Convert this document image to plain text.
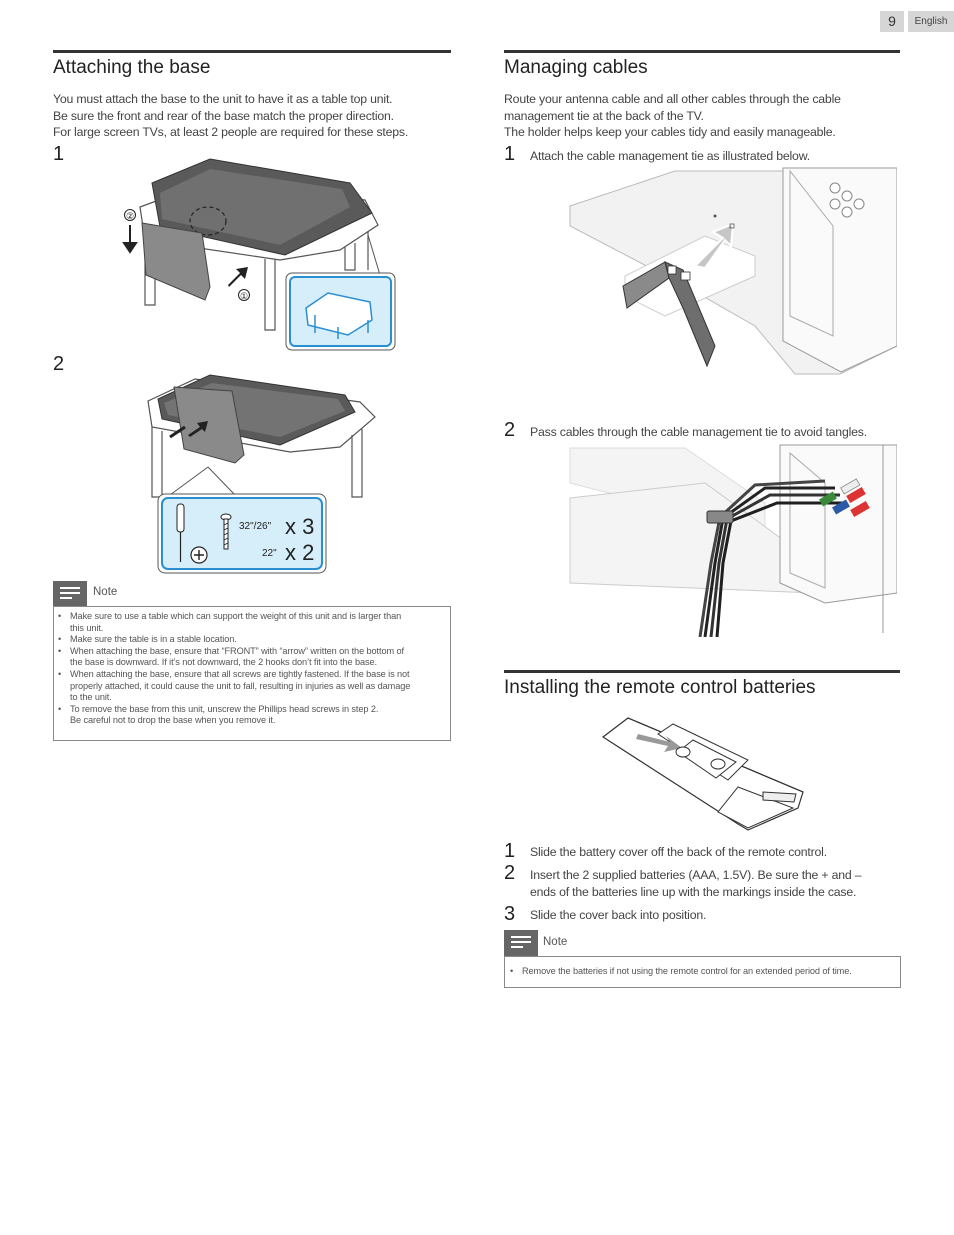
9	English
Attaching the base
You must attach the base to the unit to have it as a table top unit.
Be sure the front and rear of the base match the proper direction.
For large screen TVs, at least 2 people are required for these steps.
1
②
①
2
32"/26"
22"
x 3
x 2
Note
• Make sure to use a table which can support the weight of this unit and is larger than
this unit.
• Make sure the table is in a stable location.
• When attaching the base, ensure that “FRONT” with “arrow” written on the bottom of
the base is downward. If it’s not downward, the 2 hooks don’t fit into the base.
• When attaching the base, ensure that all screws are tightly fastened. If the base is not
properly attached, it could cause the unit to fall, resulting in injuries as well as damage
to the unit.
• To remove the base from this unit, unscrew the Phillips head screws in step 2.
Be careful not to drop the base when you remove it.
Managing cables
Route your antenna cable and all other cables through the cable
management tie at the back of the TV.
The holder helps keep your cables tidy and easily manageable.
1 Attach the cable management tie as illustrated below.
2 Pass cables through the cable management tie to avoid tangles.
Installing the remote control batteries
1 Slide the battery cover off the back of the remote control.
2 Insert the 2 supplied batteries (AAA, 1.5V). Be sure the + and –
ends of the batteries line up with the markings inside the case.
3 Slide the cover back into position.
Note
• Remove the batteries if not using the remote control for an extended period of time.
